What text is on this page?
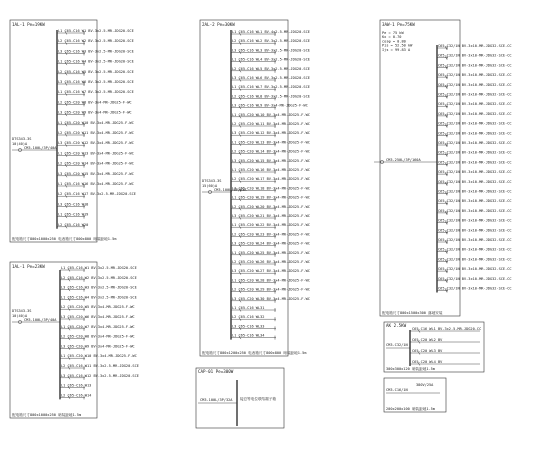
1AL-1 Pe=19KW
L1 C65-C16 W1 BV-3x2.5-MR-JDG20-SCE
L2 C65-C16 W2 BV-3x2.5-MR-JDG20-SCE
L3 C65-C16 W3 BV-3x2.5-MR-JDG20-SCE
L1 C65-C16 W4 BV-3x2.5-MR-JDG20-SCE
L2 C65-C16 W5 BV-3x2.5-MR-JDG20-SCE
L3 C65-C16 W6 BV-3x2.5-MR-JDG20-SCE
L1 C65-C16 W7 BV-3x2.5-MR-JDG20-SCE
L2 C65-C20 W8 BV-3x4-MR-JDG25-F-WC
L3 C65-C20 W9 BV-3x4-MR-JDG25-F-WC
L1 C65-C20 W10 BV-3x4-MR-JDG25-F-WC
L2 C65-C20 W11 BV-3x4-MR-JDG25-F-WC
L3 C65-C20 W12 BV-3x4-MR-JDG25-F-WC
L1 C65-C20 W13 BV-3x4-MR-JDG25-F-WC
L2 C65-C20 W14 BV-3x4-MR-JDG25-F-WC
L3 C65-C20 W15 BV-3x4-MR-JDG25-F-WC
L1 C65-C16 W16 BV-3x4-MR-JDG25-F-WC
L2 C65-C16 W17 BV-3x2.5-MR-JDG20-SCE
L3 C65-C16 W18
L1 C65-C16 W19
L2 C65-C16 W20
DTS343-3S
10(40)A
CM3-100L/3P/40A
配电箱尺寸800x1000x250 电表箱尺寸800x800 暗装距地1.5m
2AL-2 Pe=30KW
L1 C65-C16 WL1 BV-4x2.5-MR-JDG20-SCE
L2 C65-C16 WL2 BV-3x2.5-MR-JDG20-SCE
L3 C65-C16 WL3 BV-3x2.5-MR-JDG20-SCE
L1 C65-C16 WL4 BV-3x2.5-MR-JDG20-SCE
L2 C65-C16 WL5 BV-3x2.5-MR-JDG20-SCE
L3 C65-C16 WL6 BV-3x2.5-MR-JDG20-SCE
L1 C65-C16 WL7 BV-3x2.5-MR-JDG20-SCE
L2 C65-C16 WL8 BV-3x2.5-MR-JDG20-SCE
L3 C65-C16 WL9 BV-3x4-MR-JDG25-F-WC
L1 C65-C20 WL10 BV-3x4-MR-JDG25-F-WC
L2 C65-C20 WL11 BV-3x4-MR-JDG25-F-WC
L3 C65-C20 WL12 BV-3x4-MR-JDG25-F-WC
L1 C65-C20 WL13 BV-3x4-MR-JDG25-F-WC
L2 C65-C20 WL14 BV-3x4-MR-JDG25-F-WC
L3 C65-C20 WL15 BV-3x4-MR-JDG25-F-WC
L1 C65-C20 WL16 BV-3x4-MR-JDG25-F-WC
L2 C65-C20 WL17 BV-3x4-MR-JDG25-F-WC
L3 C65-C20 WL18 BV-3x4-MR-JDG25-F-WC
L1 C65-C20 WL19 BV-3x4-MR-JDG25-F-WC
L2 C65-C20 WL20 BV-3x4-MR-JDG25-F-WC
L3 C65-C20 WL21 BV-3x4-MR-JDG25-F-WC
L1 C65-C20 WL22 BV-3x4-MR-JDG25-F-WC
L2 C65-C20 WL23 BV-3x4-MR-JDG25-F-WC
L3 C65-C20 WL24 BV-3x4-MR-JDG25-F-WC
L1 C65-C20 WL25 BV-3x4-MR-JDG25-F-WC
L2 C65-C20 WL26 BV-3x4-MR-JDG25-F-WC
L3 C65-C20 WL27 BV-3x4-MR-JDG25-F-WC
L1 C65-C20 WL28 BV-3x4-MR-JDG25-F-WC
L2 C65-C20 WL29 BV-3x4-MR-JDG25-F-WC
L3 C65-C20 WL30 BV-3x4-MR-JDG25-F-WC
L1 C65-C16 WL31
L2 C65-C16 WL32
L3 C65-C16 WL33
L1 C65-C16 WL34
DTS343-3S
15(60)A
CM3-100L/3P/63A
配电箱尺寸800x1200x250 电表箱尺寸800x800 暗装距地1.5m
3AW-1 Pe=75KW
C65-C32/1N BV-3x10-MR-JDG32-SCE-CC
C65-C32/1N BV-3x10-MR-JDG32-SCE-CC
C65-C32/1N BV-3x10-MR-JDG32-SCE-CC
C65-C32/1N BV-3x10-MR-JDG32-SCE-CC
C65-C32/1N BV-3x10-MR-JDG32-SCE-CC
C65-C32/1N BV-3x10-MR-JDG32-SCE-CC
C65-C32/1N BV-3x10-MR-JDG32-SCE-CC
C65-C32/1N BV-3x10-MR-JDG32-SCE-CC
C65-C32/1N BV-3x10-MR-JDG32-SCE-CC
C65-C32/1N BV-3x10-MR-JDG32-SCE-CC
C65-C32/1N BV-3x10-MR-JDG32-SCE-CC
C65-C32/1N BV-3x10-MR-JDG32-SCE-CC
C65-C32/1N BV-3x10-MR-JDG32-SCE-CC
C65-C32/1N BV-3x10-MR-JDG32-SCE-CC
C65-C32/1N BV-3x10-MR-JDG32-SCE-CC
C65-C32/1N BV-3x10-MR-JDG32-SCE-CC
C65-C32/1N BV-3x10-MR-JDG32-SCE-CC
C65-C32/1N BV-3x10-MR-JDG32-SCE-CC
C65-C32/1N BV-3x10-MR-JDG32-SCE-CC
C65-C32/1N BV-3x10-MR-JDG32-SCE-CC
C65-C32/1N BV-3x10-MR-JDG32-SCE-CC
C65-C32/1N BV-3x10-MR-JDG32-SCE-CC
C65-C32/1N BV-3x10-MR-JDG32-SCE-CC
C65-C32/1N BV-3x10-MR-JDG32-SCE-CC
C65-C32/1N BV-3x10-MR-JDG32-SCE-CC
C65-C32/1N BV-3x10-MR-JDG32-SCE-CC
CM3-250L/3P/160A
Pe = 75 kW
Kx = 0.70
cosφ = 0.80
Pjs = 52.50 kW
Ijs = 99.83 A
配电箱尺寸800x1500x300 落地安装
1AL-1 Pe=23KW	L1 C65-C16 W1 BV-3x2.5-MR-JDG20-SCE
L2 C65-C16 W2 BV-3x2.5-MR-JDG20-SCE
L3 C65-C16 W3 BV-3x2.5-MR-JDG20-SCE
L1 C65-C16 W4 BV-3x2.5-MR-JDG20-SCE
L2 C65-C20 W5 BV-3x4-MR-JDG25-F-WC
L3 C65-C20 W6 BV-3x4-MR-JDG25-F-WC
L1 C65-C20 W7 BV-3x4-MR-JDG25-F-WC
L2 C65-C20 W8 BV-3x4-MR-JDG25-F-WC
L3 C65-C20 W9 BV-3x4-MR-JDG25-F-WC
L1 C65-C20 W10 BV-3x4-MR-JDG25-F-WC
L2 C65-C16 W11 BV-3x2.5-MR-JDG20-SCE
L3 C65-C16 W12 BV-3x2.5-MR-JDG20-SCE
L1 C65-C16 W13
L2 C65-C16 W14
DTS343-3S
10(40)A
CM3-100L/3P/40A
配电箱尺寸800x1000x250 暗装距地1.5m
CAP-01 Pe=300W
CM3-100L/3P/32A 接总等电位联结端子箱
AK 2.5KW
C65-C16 WL1 BV-3x2.5-MR-JDG20-CC
C65-C20 WL2 BV
C65-C20 WL3 BV
C65-C20 WL4 BV
CM3-C32/1N
300x300x120 暗装距地1.5m
CM3-C16/1N
380V/25A
200x200x100 暗装距地1.5m
